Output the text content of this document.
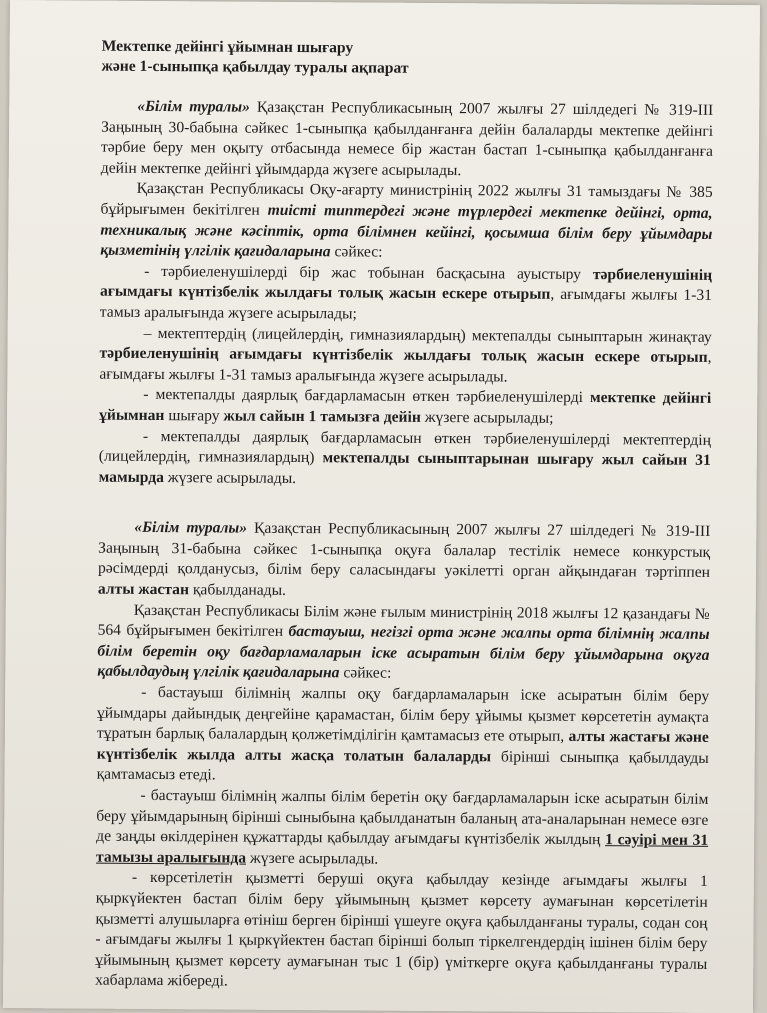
Мектепке дейінгі ұйымнан шығару
және 1-сыныпқа қабылдау туралы ақпарат

«Білім туралы» Қазақстан Республикасының 2007 жылғы 27 шілдедегі № 319-III Заңының 30-бабына сәйкес 1-сыныпқа қабылданғанға дейін балаларды мектепке дейінгі тәрбие беру мен оқыту отбасында немесе бір жастан бастап 1-сыныпқа қабылданғанға дейін мектепке дейінгі ұйымдарда жүзеге асырылады.

Қазақстан Республикасы Оқу-ағарту министрінің 2022 жылғы 31 тамыздағы № 385 бұйрығымен бекітілген тиісті типтердегі және түрлердегі мектепке дейінгі, орта, техникалық және кәсіптік, орта білімнен кейінгі, қосымша білім беру ұйымдары қызметінің үлгілік қағидаларына сәйкес:

- тәрбиеленушілерді бір жас тобынан басқасына ауыстыру тәрбиеленушінің ағымдағы күнтізбелік жылдағы толық жасын ескере отырып, ағымдағы жылғы 1-31 тамыз аралығында жүзеге асырылады;

– мектептердің (лицейлердің, гимназиялардың) мектепалды сыныптарын жинақтау тәрбиеленушінің ағымдағы күнтізбелік жылдағы толық жасын ескере отырып, ағымдағы жылғы 1-31 тамыз аралығында жүзеге асырылады.

- мектепалды даярлық бағдарламасын өткен тәрбиеленушілерді мектепке дейінгі ұйымнан шығару жыл сайын 1 тамызға дейін жүзеге асырылады;

- мектепалды даярлық бағдарламасын өткен тәрбиеленушілерді мектептердің (лицейлердің, гимназиялардың) мектепалды сыныптарынан шығару жыл сайын 31 мамырда жүзеге асырылады.

«Білім туралы» Қазақстан Республикасының 2007 жылғы 27 шілдедегі № 319-III Заңының 31-бабына сәйкес 1-сыныпқа оқуға балалар тестілік немесе конкурстық рәсімдерді қолданусыз, білім беру саласындағы уәкілетті орган айқындаған тәртіппен алты жастан қабылданады.

Қазақстан Республикасы Білім және ғылым министрінің 2018 жылғы 12 қазандағы № 564 бұйрығымен бекітілген бастауыш, негізгі орта және жалпы орта білімнің жалпы білім беретін оқу бағдарламаларын іске асыратын білім беру ұйымдарына оқуға қабылдаудың үлгілік қағидаларына сәйкес:

- бастауыш білімнің жалпы оқу бағдарламаларын іске асыратын білім беру ұйымдары дайындық деңгейіне қарамастан, білім беру ұйымы қызмет көрсететін аумақта тұратын барлық балалардың қолжетімділігін қамтамасыз ете отырып, алты жастағы және күнтізбелік жылда алты жасқа толатын балаларды бірінші сыныпқа қабылдауды қамтамасыз етеді.

- бастауыш білімнің жалпы білім беретін оқу бағдарламаларын іске асыратын білім беру ұйымдарының бірінші сыныбына қабылданатын баланың ата-аналарынан немесе өзге де заңды өкілдерінен құжаттарды қабылдау ағымдағы күнтізбелік жылдың 1 сәуірі мен 31 тамызы аралығында жүзеге асырылады.

- көрсетілетін қызметті беруші оқуға қабылдау кезінде ағымдағы жылғы 1 қыркүйектен бастап білім беру ұйымының қызмет көрсету аумағынан көрсетілетін қызметті алушыларға өтініш берген бірінші үшеуге оқуға қабылданғаны туралы, содан соң - ағымдағы жылғы 1 қыркүйектен бастап бірінші болып тіркелгендердің ішінен білім беру ұйымының қызмет көрсету аумағынан тыс 1 (бір) үміткерге оқуға қабылданғаны туралы хабарлама жібереді.
